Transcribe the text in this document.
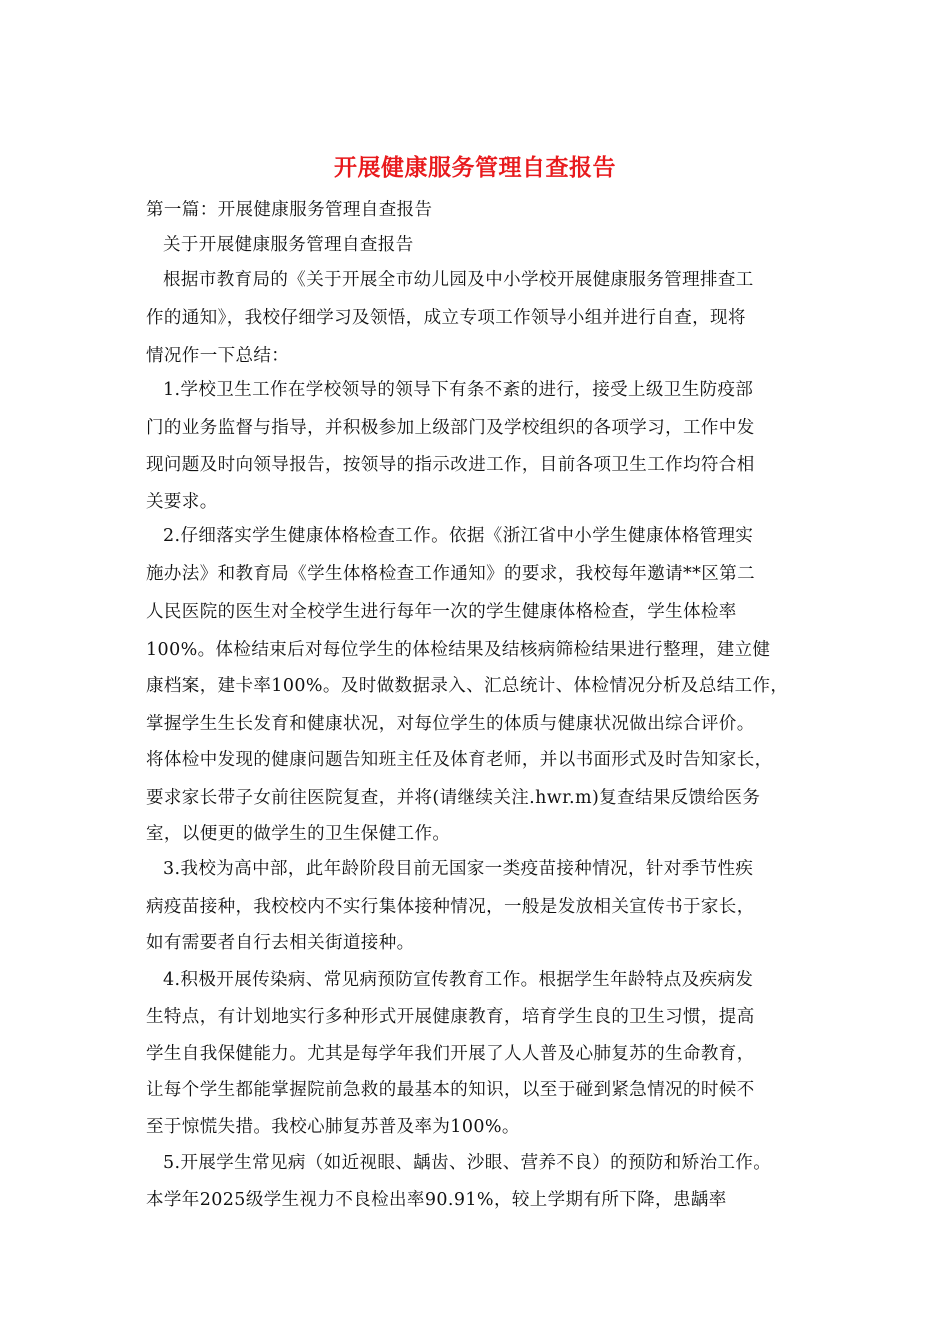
开展健康服务管理自查报告
第一篇：开展健康服务管理自查报告
关于开展健康服务管理自查报告
根据市教育局的《关于开展全市幼儿园及中小学校开展健康服务管理排查工
作的通知》，我校仔细学习及领悟，成立专项工作领导小组并进行自查，现将
情况作一下总结：
1.学校卫生工作在学校领导的领导下有条不紊的进行，接受上级卫生防疫部
门的业务监督与指导，并积极参加上级部门及学校组织的各项学习，工作中发
现问题及时向领导报告，按领导的指示改进工作，目前各项卫生工作均符合相
关要求。
2.仔细落实学生健康体格检查工作。依据《浙江省中小学生健康体格管理实
施办法》和教育局《学生体格检查工作通知》的要求，我校每年邀请**区第二
人民医院的医生对全校学生进行每年一次的学生健康体格检查，学生体检率
100%。体检结束后对每位学生的体检结果及结核病筛检结果进行整理，建立健
康档案，建卡率100%。及时做数据录入、汇总统计、体检情况分析及总结工作，
掌握学生生长发育和健康状况，对每位学生的体质与健康状况做出综合评价。
将体检中发现的健康问题告知班主任及体育老师，并以书面形式及时告知家长，
要求家长带子女前往医院复查，并将(请继续关注.hwr.m)复查结果反馈给医务
室，以便更的做学生的卫生保健工作。
3.我校为高中部，此年龄阶段目前无国家一类疫苗接种情况，针对季节性疾
病疫苗接种，我校校内不实行集体接种情况，一般是发放相关宣传书于家长，
如有需要者自行去相关街道接种。
4.积极开展传染病、常见病预防宣传教育工作。根据学生年龄特点及疾病发
生特点，有计划地实行多种形式开展健康教育，培育学生良的卫生习惯，提高
学生自我保健能力。尤其是每学年我们开展了人人普及心肺复苏的生命教育，
让每个学生都能掌握院前急救的最基本的知识，以至于碰到紧急情况的时候不
至于惊慌失措。我校心肺复苏普及率为100%。
5.开展学生常见病（如近视眼、龋齿、沙眼、营养不良）的预防和矫治工作。
本学年2025级学生视力不良检出率90.91%，较上学期有所下降，患龋率
